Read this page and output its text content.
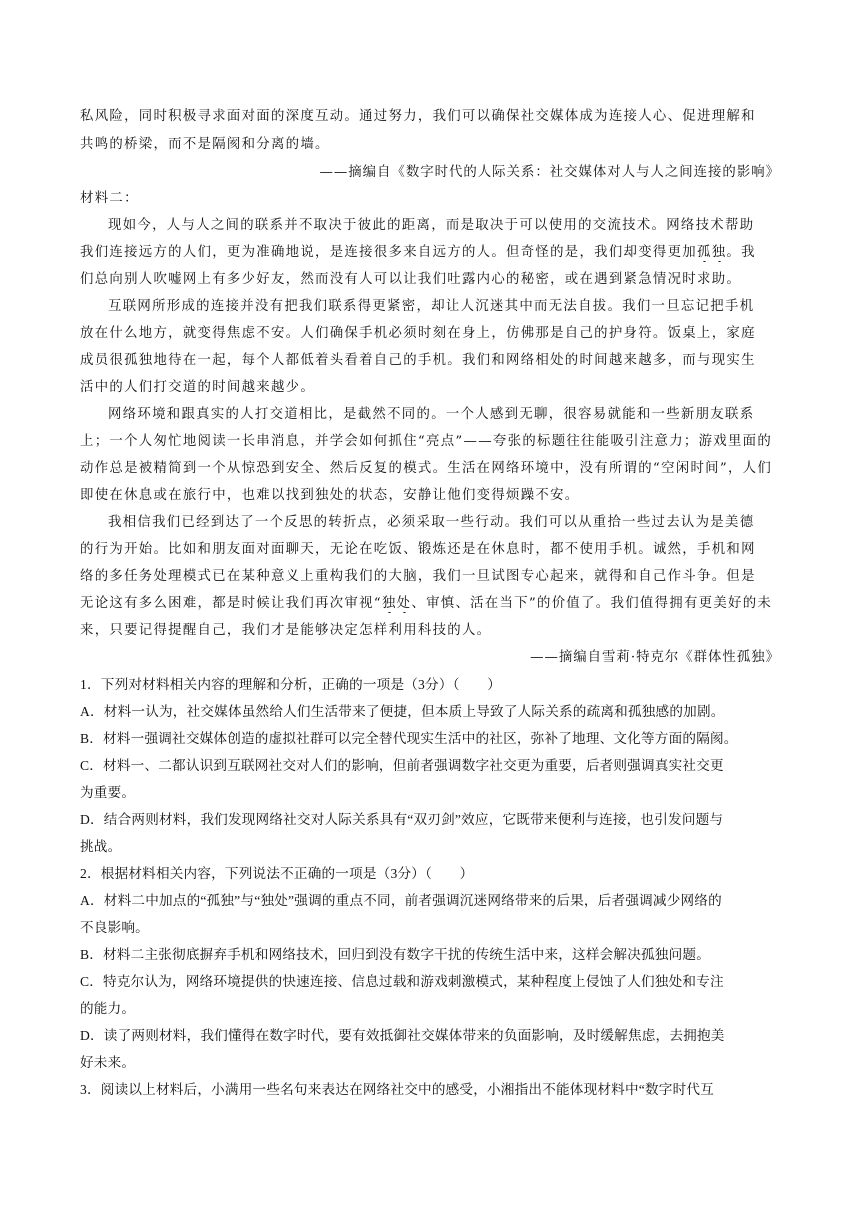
私风险，同时积极寻求面对面的深度互动。通过努力，我们可以确保社交媒体成为连接人心、促进理解和
共鸣的桥梁，而不是隔阂和分离的墙。
——摘编自《数字时代的人际关系：社交媒体对人与人之间连接的影响》
材料二：
现如今，人与人之间的联系并不取决于彼此的距离，而是取决于可以使用的交流技术。网络技术帮助
我们连接远方的人们，更为准确地说，是连接很多来自远方的人。但奇怪的是，我们却变得更加孤独。我
们总向别人吹嘘网上有多少好友，然而没有人可以让我们吐露内心的秘密，或在遇到紧急情况时求助。
互联网所形成的连接并没有把我们联系得更紧密，却让人沉迷其中而无法自拔。我们一旦忘记把手机
放在什么地方，就变得焦虑不安。人们确保手机必须时刻在身上，仿佛那是自己的护身符。饭桌上，家庭
成员很孤独地待在一起，每个人都低着头看着自己的手机。我们和网络相处的时间越来越多，而与现实生
活中的人们打交道的时间越来越少。
网络环境和跟真实的人打交道相比，是截然不同的。一个人感到无聊，很容易就能和一些新朋友联系
上；一个人匆忙地阅读一长串消息，并学会如何抓住“亮点”——夸张的标题往往能吸引注意力；游戏里面的
动作总是被精简到一个从惊恐到安全、然后反复的模式。生活在网络环境中，没有所谓的“空闲时间”，人们
即使在休息或在旅行中，也难以找到独处的状态，安静让他们变得烦躁不安。
我相信我们已经到达了一个反思的转折点，必须采取一些行动。我们可以从重拾一些过去认为是美德
的行为开始。比如和朋友面对面聊天，无论在吃饭、锻炼还是在休息时，都不使用手机。诚然，手机和网
络的多任务处理模式已在某种意义上重构我们的大脑，我们一旦试图专心起来，就得和自己作斗争。但是
无论这有多么困难，都是时候让我们再次审视“独处、审慎、活在当下”的价值了。我们值得拥有更美好的未
来，只要记得提醒自己，我们才是能够决定怎样利用科技的人。
——摘编自雪莉·特克尔《群体性孤独》
1．下列对材料相关内容的理解和分析，正确的一项是（3分）（　　）
A．材料一认为，社交媒体虽然给人们生活带来了便捷，但本质上导致了人际关系的疏离和孤独感的加剧。
B．材料一强调社交媒体创造的虚拟社群可以完全替代现实生活中的社区，弥补了地理、文化等方面的隔阂。
C．材料一、二都认识到互联网社交对人们的影响，但前者强调数字社交更为重要，后者则强调真实社交更
为重要。
D．结合两则材料，我们发现网络社交对人际关系具有“双刃剑”效应，它既带来便利与连接，也引发问题与
挑战。
2．根据材料相关内容，下列说法不正确的一项是（3分）（　　）
A．材料二中加点的“孤独”与“独处”强调的重点不同，前者强调沉迷网络带来的后果，后者强调减少网络的
不良影响。
B．材料二主张彻底摒弃手机和网络技术，回归到没有数字干扰的传统生活中来，这样会解决孤独问题。
C．特克尔认为，网络环境提供的快速连接、信息过载和游戏刺激模式，某种程度上侵蚀了人们独处和专注
的能力。
D．读了两则材料，我们懂得在数字时代，要有效抵御社交媒体带来的负面影响，及时缓解焦虑，去拥抱美
好未来。
3．阅读以上材料后，小满用一些名句来表达在网络社交中的感受，小湘指出不能体现材料中“数字时代互
